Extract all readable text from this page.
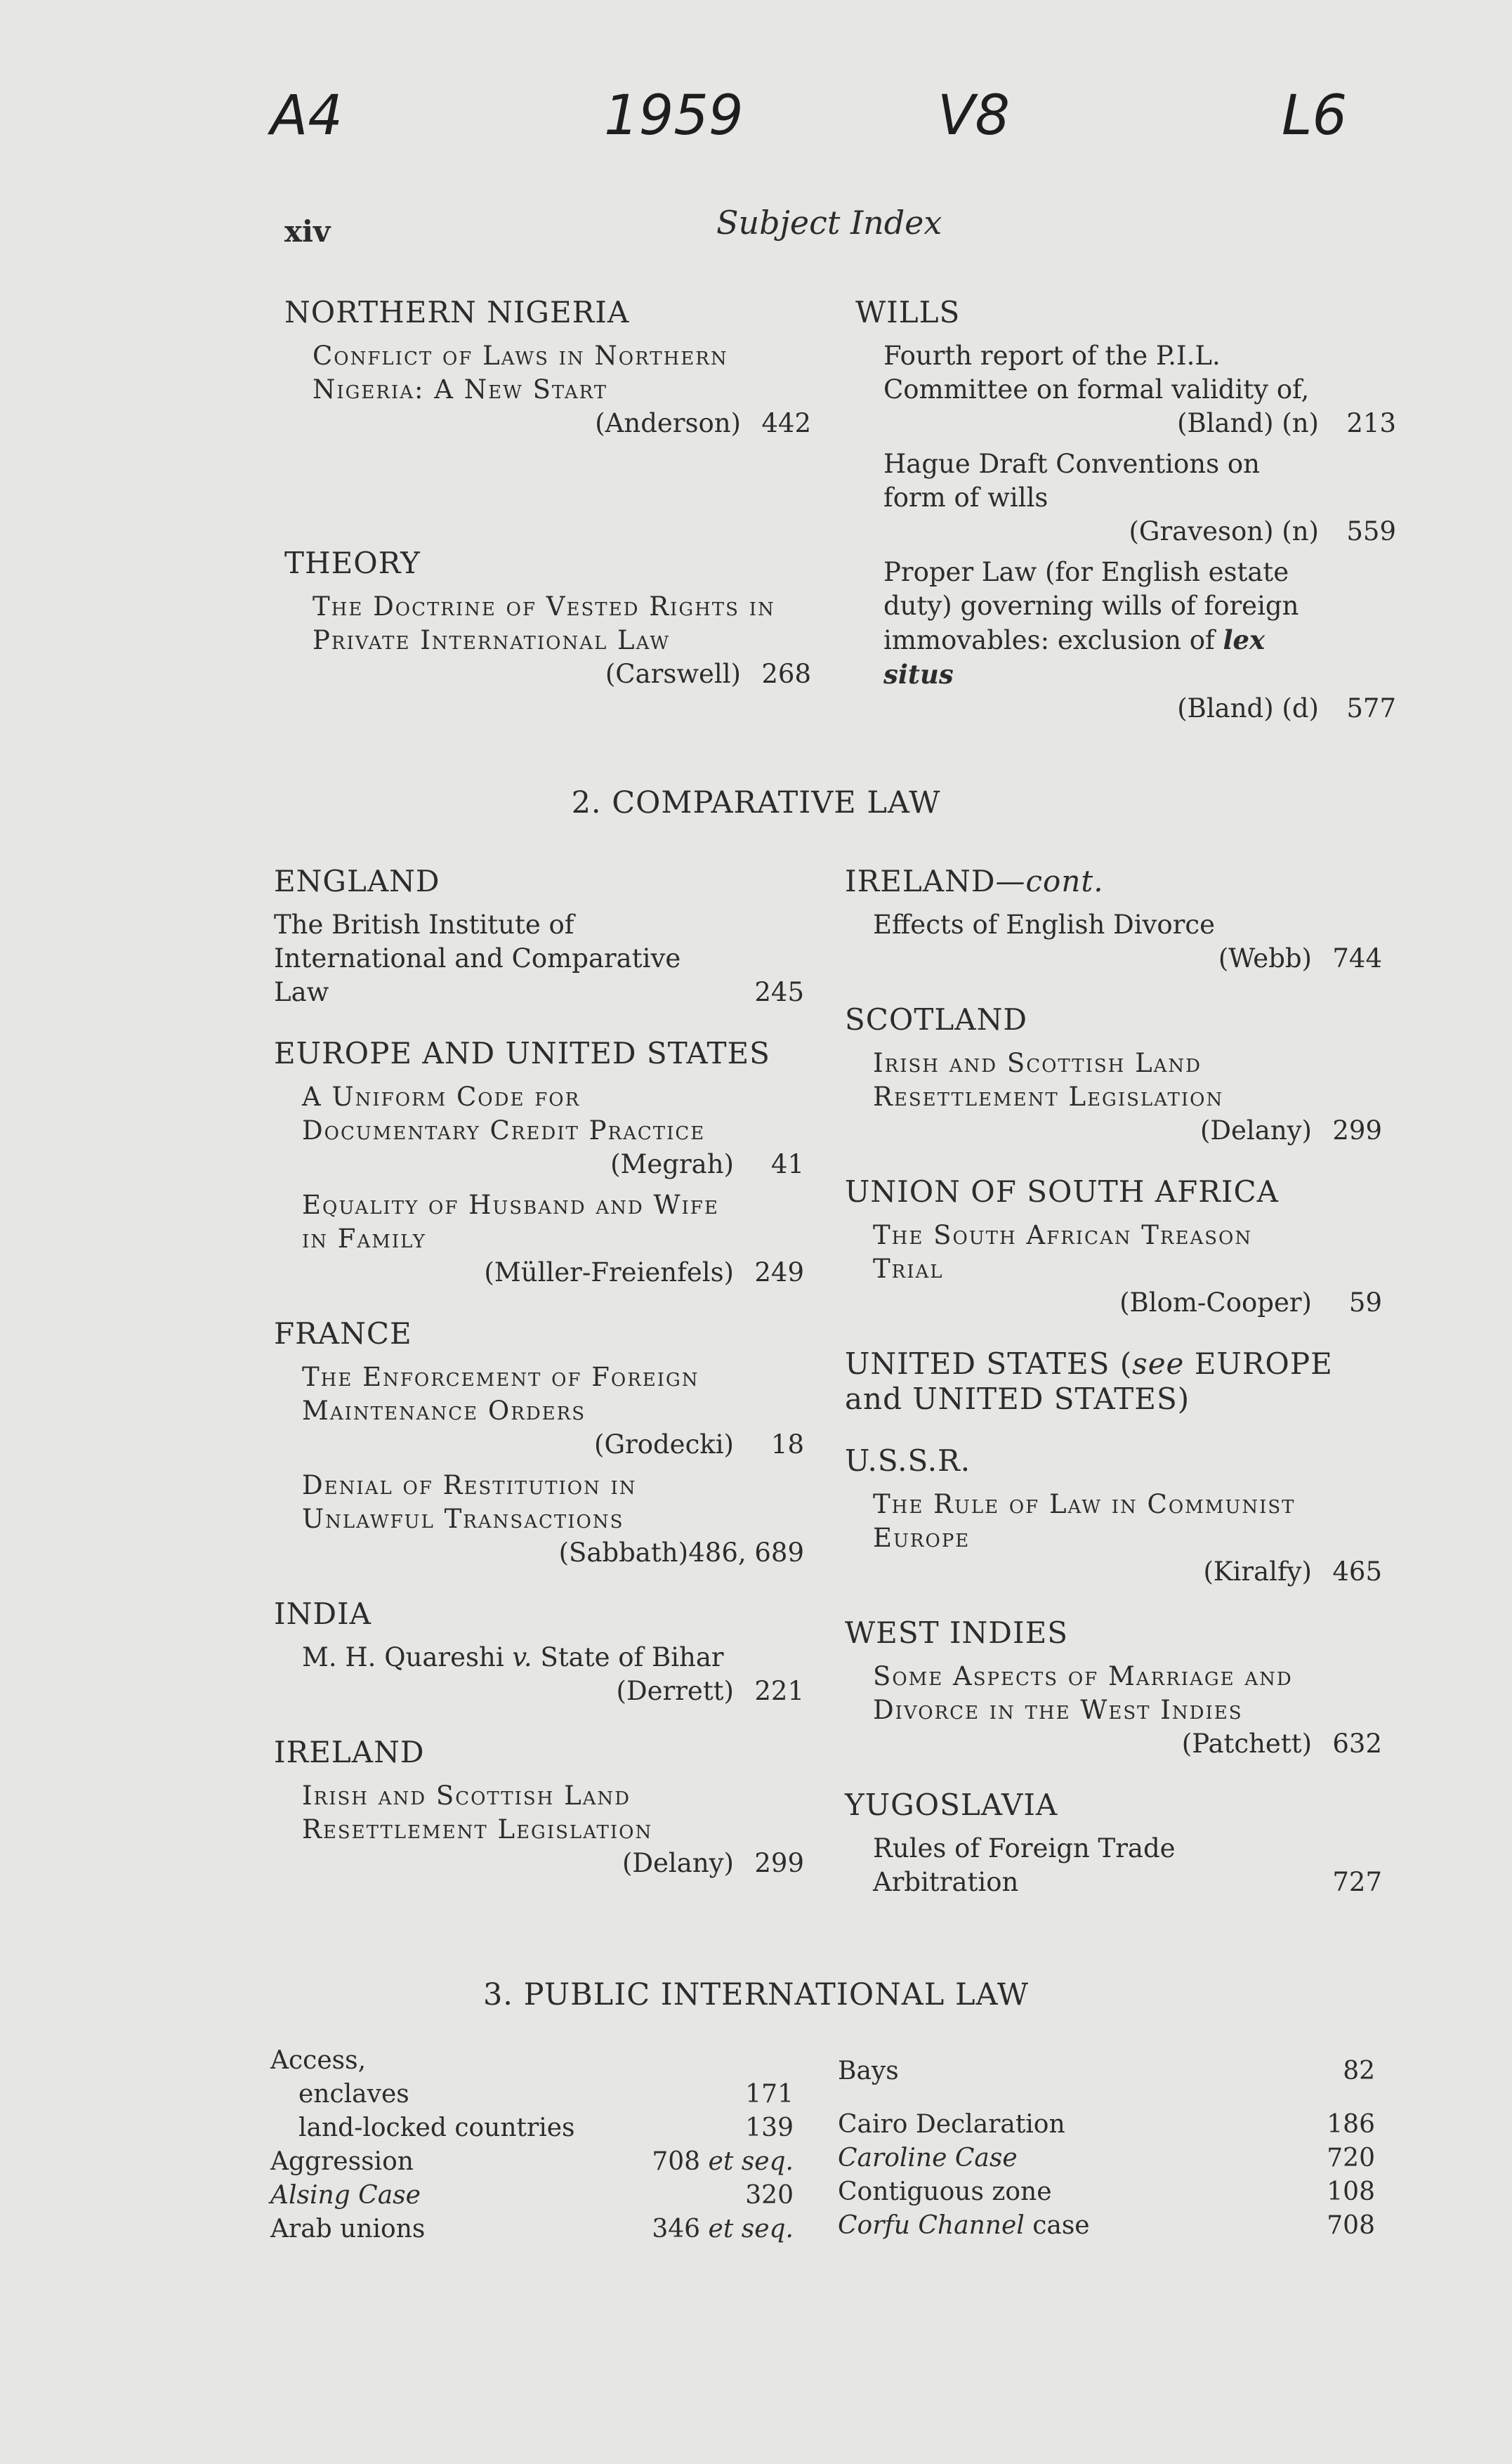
A4	1959	V8	L6
xiv	Subject Index
NORTHERN NIGERIA
Conflict of Laws in Northern Nigeria: A New Start
(Anderson) 442
THEORY
The Doctrine of Vested Rights in Private International Law
(Carswell) 268
WILLS
Fourth report of the P.I.L. Committee on formal validity of,
(Bland) (n)	213
Hague Draft Conventions on form of wills
(Graveson) (n)	559
Proper Law (for English estate duty) governing wills of foreign immovables: exclusion of lex situs
(Bland) (d)	577
2. COMPARATIVE LAW
ENGLAND
The British Institute of International and Comparative Law	245
EUROPE AND UNITED STATES
A Uniform Code for Documentary Credit Practice
(Megrah)	41
Equality of Husband and Wife in Family
(Müller-Freienfels) 249
FRANCE
The Enforcement of Foreign Maintenance Orders
(Grodecki)	18
Denial of Restitution in Unlawful Transactions
(Sabbath) 486, 689
INDIA
M. H. Quareshi v. State of Bihar
(Derrett) 221
IRELAND
Irish and Scottish Land Resettlement Legislation
(Delany) 299
IRELAND—cont.
Effects of English Divorce
(Webb) 744
SCOTLAND
Irish and Scottish Land Resettlement Legislation
(Delany) 299
UNION OF SOUTH AFRICA
The South African Treason Trial
(Blom-Cooper)	59
UNITED STATES (see EUROPE and UNITED STATES)
U.S.S.R.
The Rule of Law in Communist Europe
(Kiralfy) 465
WEST INDIES
Some Aspects of Marriage and Divorce in the West Indies
(Patchett) 632
YUGOSLAVIA
Rules of Foreign Trade Arbitration	727
3. PUBLIC INTERNATIONAL LAW
Access,
enclaves	171
land-locked countries	139
Aggression	708 et seq.
Alsing Case	320
Arab unions	346 et seq.
Bays	82
Cairo Declaration	186
Caroline Case	720
Contiguous zone	108
Corfu Channel case	708
